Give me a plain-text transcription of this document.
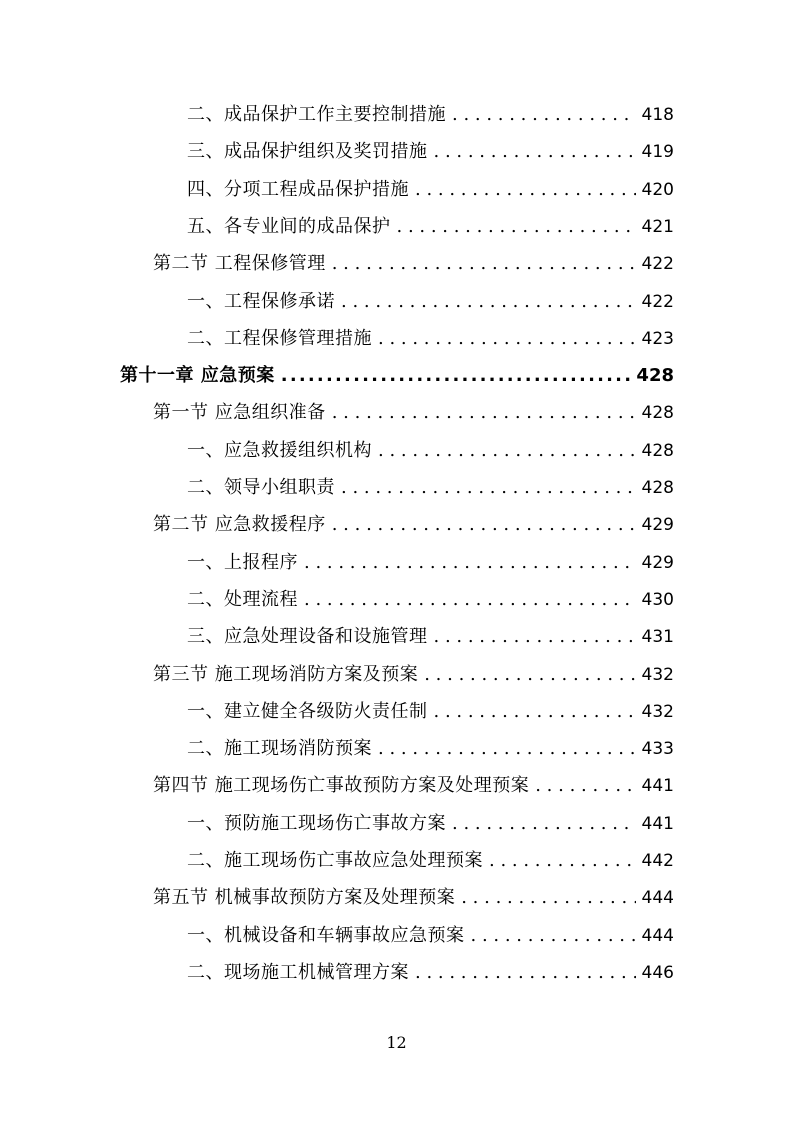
二、成品保护工作主要控制措施 . . .	418
三、成品保护组织及奖罚措施 . . .	419
四、分项工程成品保护措施 . . .	420
五、各专业间的成品保护 . . .	421
第二节 工程保修管理 . . .	422
一、工程保修承诺 . . .	422
二、工程保修管理措施 . . .	423
第十一章 应急预案 .....	428
第一节 应急组织准备 . . .	428
一、应急救援组织机构 . . .	428
二、领导小组职责 . . .	428
第二节 应急救援程序 . . .	429
一、上报程序 . . .	429
二、处理流程 . . .	430
三、应急处理设备和设施管理 . . .	431
第三节 施工现场消防方案及预案 . . .	432
一、建立健全各级防火责任制 . . .	432
二、施工现场消防预案 . . .	433
第四节 施工现场伤亡事故预防方案及处理预案 . . .	441
一、预防施工现场伤亡事故方案 . . .	441
二、施工现场伤亡事故应急处理预案 . . .	442
第五节 机械事故预防方案及处理预案 . . .	444
一、机械设备和车辆事故应急预案 . . .	444
二、现场施工机械管理方案 . . .	446
12
